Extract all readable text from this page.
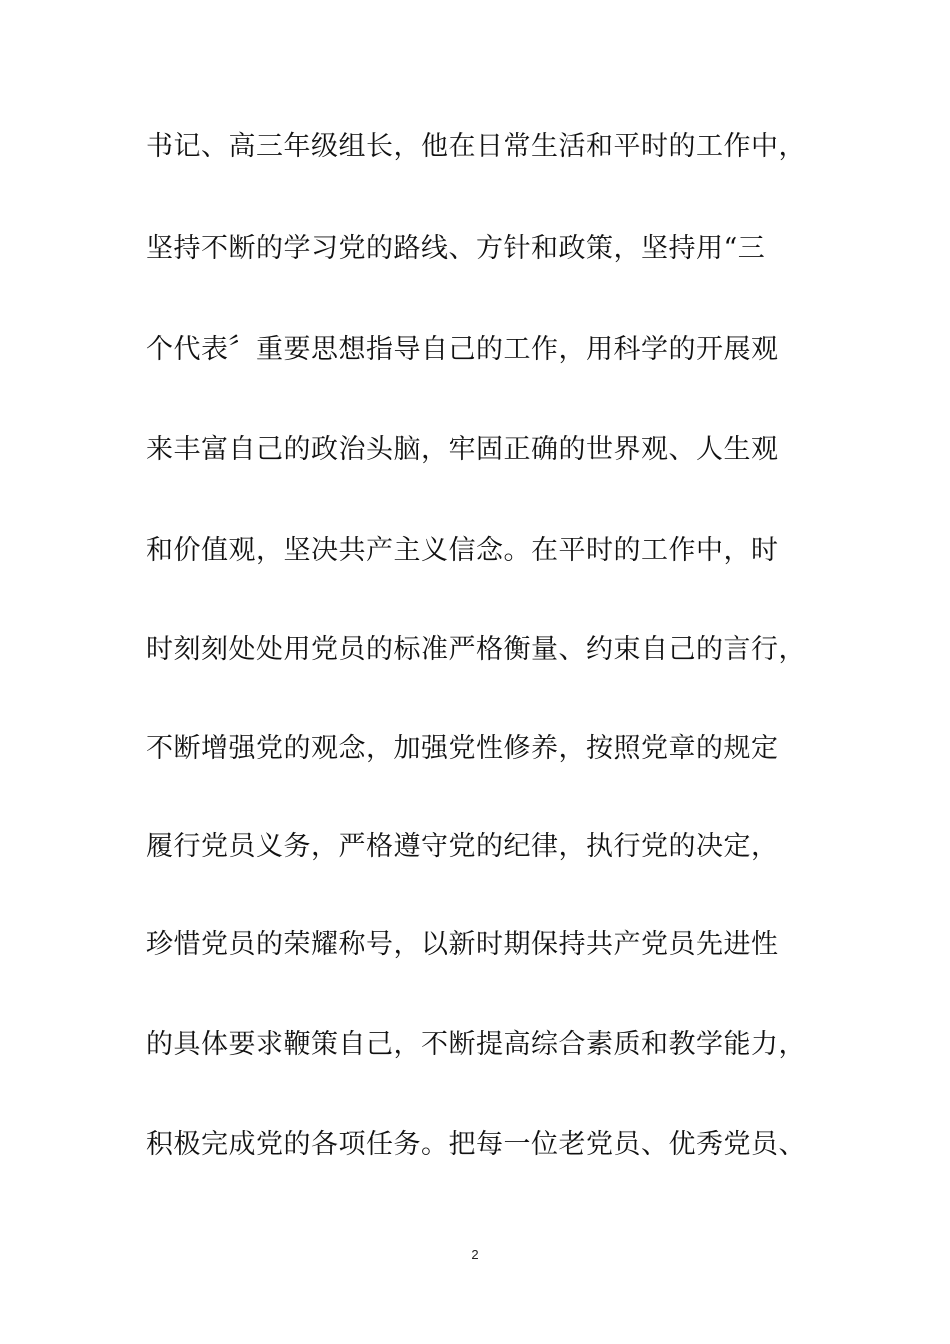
书记、高三年级组长，他在日常生活和平时的工作中，
坚持不断的学习党的路线、方针和政策，坚持用“三
个代表〞重要思想指导自己的工作，用科学的开展观
来丰富自己的政治头脑，牢固正确的世界观、人生观
和价值观，坚决共产主义信念。在平时的工作中，时
时刻刻处处用党员的标准严格衡量、约束自己的言行，
不断增强党的观念，加强党性修养，按照党章的规定
履行党员义务，严格遵守党的纪律，执行党的决定，
珍惜党员的荣耀称号，以新时期保持共产党员先进性
的具体要求鞭策自己，不断提高综合素质和教学能力，
积极完成党的各项任务。把每一位老党员、优秀党员、
2
